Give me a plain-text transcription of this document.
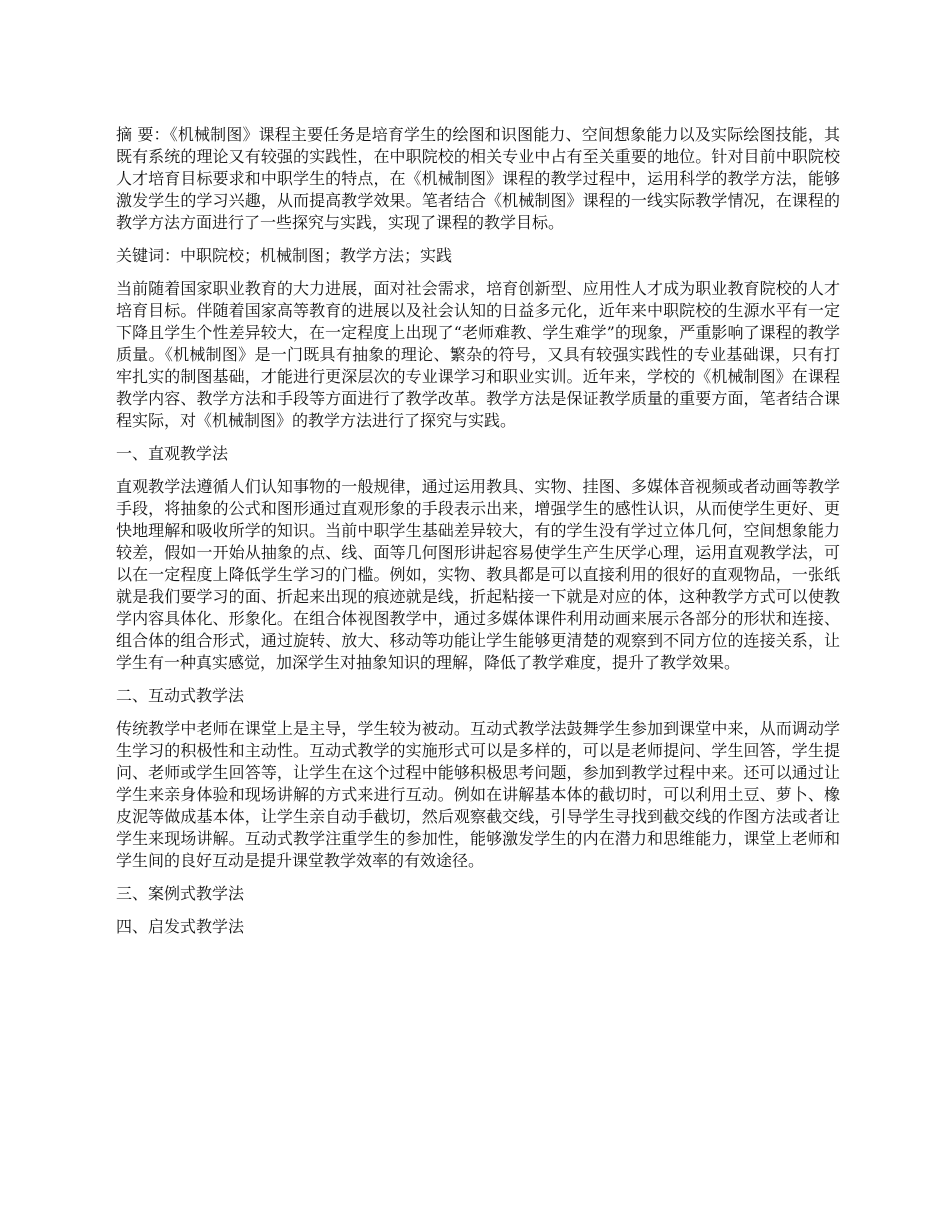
摘 要：《机械制图》课程主要任务是培育学生的绘图和识图能力、空间想象能力以及实际绘图技能，其既有系统的理论又有较强的实践性，在中职院校的相关专业中占有至关重要的地位。针对目前中职院校人才培育目标要求和中职学生的特点，在《机械制图》课程的教学过程中，运用科学的教学方法，能够激发学生的学习兴趣，从而提高教学效果。笔者结合《机械制图》课程的一线实际教学情况，在课程的教学方法方面进行了一些探究与实践，实现了课程的教学目标。

关键词：中职院校；机械制图；教学方法；实践

当前随着国家职业教育的大力进展，面对社会需求，培育创新型、应用性人才成为职业教育院校的人才培育目标。伴随着国家高等教育的进展以及社会认知的日益多元化，近年来中职院校的生源水平有一定下降且学生个性差异较大，在一定程度上出现了“老师难教、学生难学”的现象，严重影响了课程的教学质量。《机械制图》是一门既具有抽象的理论、繁杂的符号，又具有较强实践性的专业基础课，只有打牢扎实的制图基础，才能进行更深层次的专业课学习和职业实训。近年来，学校的《机械制图》在课程教学内容、教学方法和手段等方面进行了教学改革。教学方法是保证教学质量的重要方面，笔者结合课程实际，对《机械制图》的教学方法进行了探究与实践。

一、直观教学法

直观教学法遵循人们认知事物的一般规律，通过运用教具、实物、挂图、多媒体音视频或者动画等教学手段，将抽象的公式和图形通过直观形象的手段表示出来，增强学生的感性认识，从而使学生更好、更快地理解和吸收所学的知识。当前中职学生基础差异较大，有的学生没有学过立体几何，空间想象能力较差，假如一开始从抽象的点、线、面等几何图形讲起容易使学生产生厌学心理，运用直观教学法，可以在一定程度上降低学生学习的门槛。例如，实物、教具都是可以直接利用的很好的直观物品，一张纸就是我们要学习的面、折起来出现的痕迹就是线，折起粘接一下就是对应的体，这种教学方式可以使教学内容具体化、形象化。在组合体视图教学中，通过多媒体课件利用动画来展示各部分的形状和连接、组合体的组合形式，通过旋转、放大、移动等功能让学生能够更清楚的观察到不同方位的连接关系，让学生有一种真实感觉，加深学生对抽象知识的理解，降低了教学难度，提升了教学效果。

二、互动式教学法

传统教学中老师在课堂上是主导，学生较为被动。互动式教学法鼓舞学生参加到课堂中来，从而调动学生学习的积极性和主动性。互动式教学的实施形式可以是多样的，可以是老师提问、学生回答，学生提问、老师或学生回答等，让学生在这个过程中能够积极思考问题，参加到教学过程中来。还可以通过让学生来亲身体验和现场讲解的方式来进行互动。例如在讲解基本体的截切时，可以利用土豆、萝卜、橡皮泥等做成基本体，让学生亲自动手截切，然后观察截交线，引导学生寻找到截交线的作图方法或者让学生来现场讲解。互动式教学注重学生的参加性，能够激发学生的内在潜力和思维能力，课堂上老师和学生间的良好互动是提升课堂教学效率的有效途径。

三、案例式教学法

四、启发式教学法
